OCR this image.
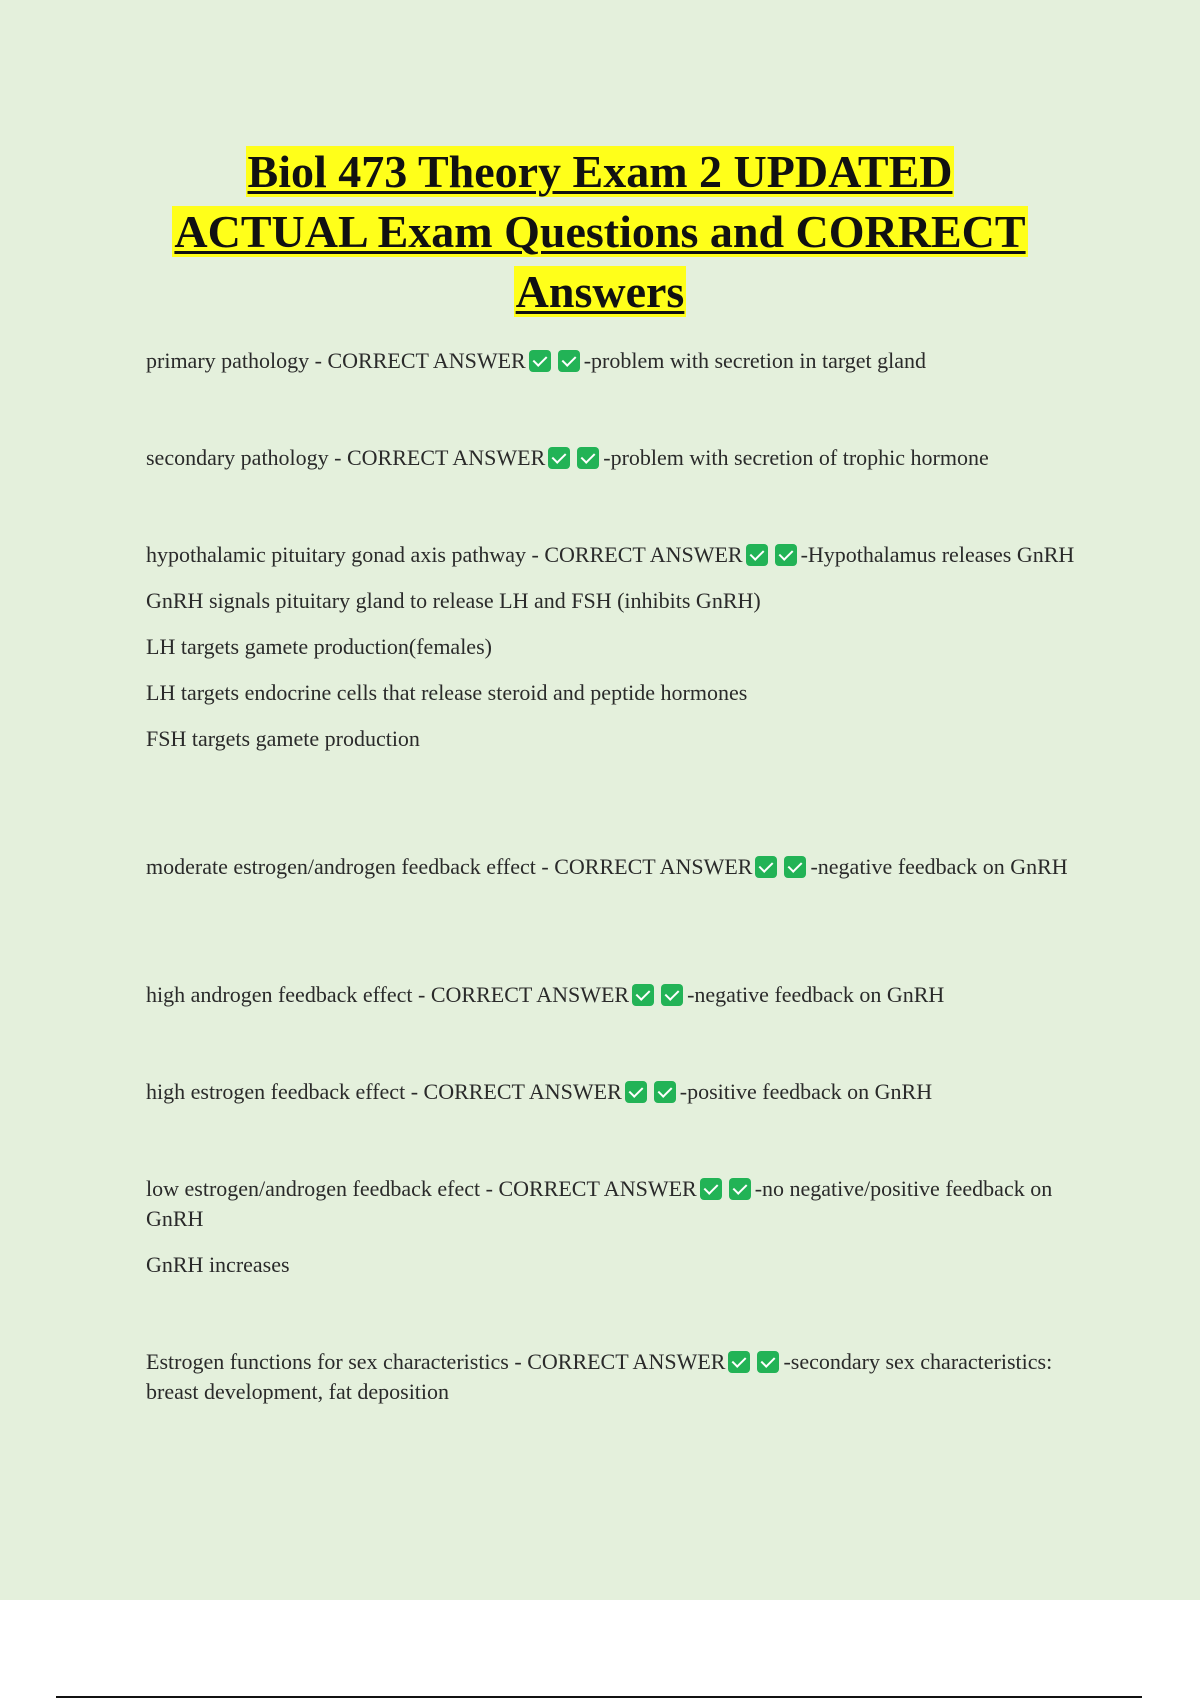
Biol 473 Theory Exam 2 UPDATED
ACTUAL Exam Questions and CORRECT
Answers
primary pathology - CORRECT ANSWER	-problem with secretion in target gland
secondary pathology - CORRECT ANSWER	-problem with secretion of trophic hormone
hypothalamic pituitary gonad axis pathway - CORRECT ANSWER	-Hypothalamus releases GnRH
GnRH signals pituitary gland to release LH and FSH (inhibits GnRH)
LH targets gamete production(females)
LH targets endocrine cells that release steroid and peptide hormones
FSH targets gamete production
moderate estrogen/androgen feedback effect - CORRECT ANSWER	-negative feedback on GnRH
high androgen feedback effect - CORRECT ANSWER	-negative feedback on GnRH
high estrogen feedback effect - CORRECT ANSWER	-positive feedback on GnRH
low estrogen/androgen feedback efect - CORRECT ANSWER	-no negative/positive feedback on GnRH
GnRH increases
Estrogen functions for sex characteristics - CORRECT ANSWER	-secondary sex characteristics: breast development, fat deposition
